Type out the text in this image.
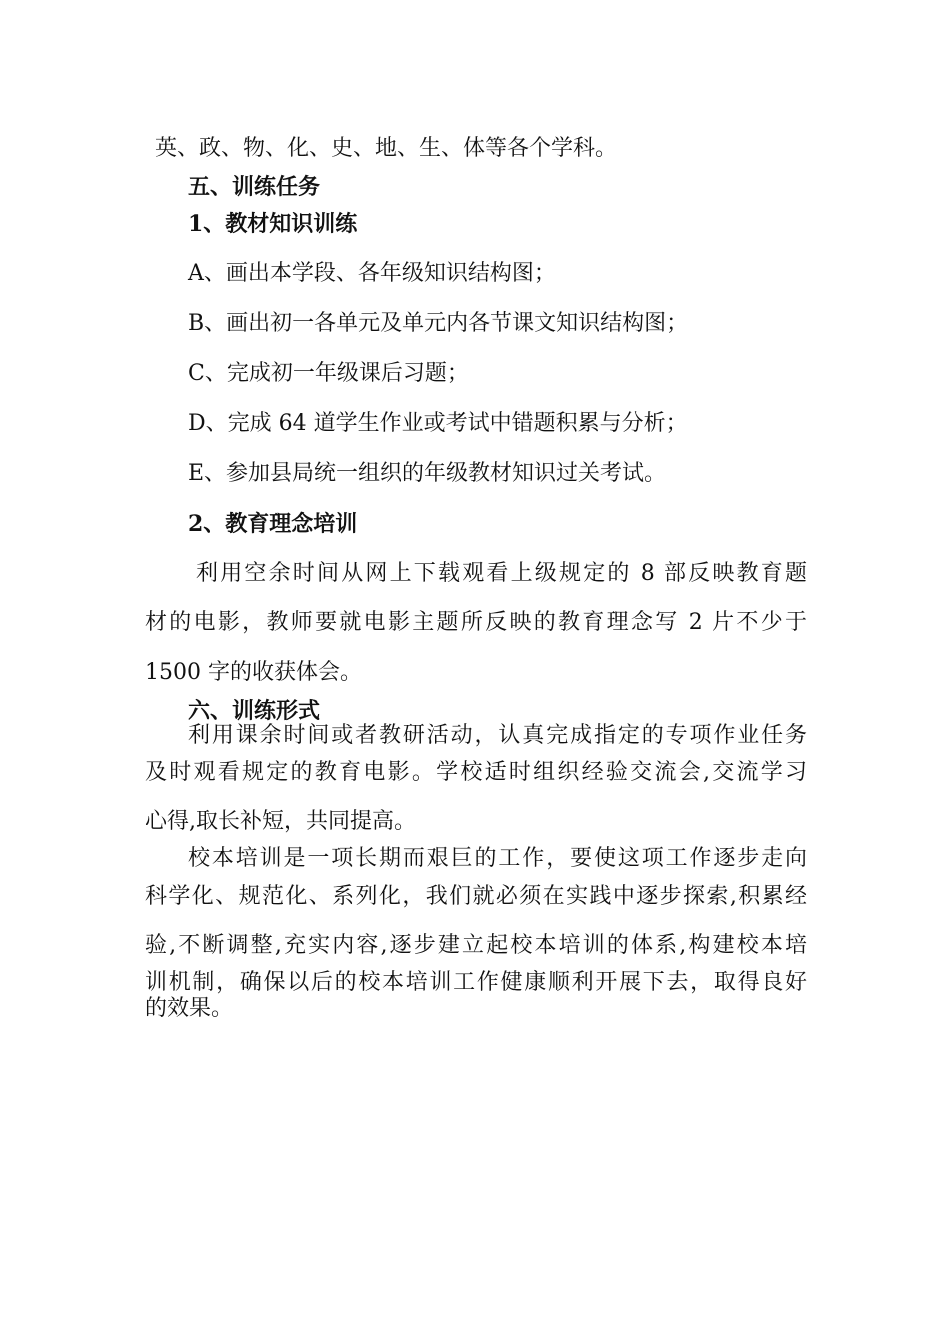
英、政、物、化、史、地、生、体等各个学科。
五、训练任务
1、教材知识训练
A、画出本学段、各年级知识结构图；
B、画出初一各单元及单元内各节课文知识结构图；
C、完成初一年级课后习题；
D、完成 64 道学生作业或考试中错题积累与分析；
E、参加县局统一组织的年级教材知识过关考试。
2、教育理念培训
利用空余时间从网上下载观看上级规定的 8 部反映教育题
材的电影，教师要就电影主题所反映的教育理念写 2 片不少于
1500 字的收获体会。
六、训练形式
利用课余时间或者教研活动，认真完成指定的专项作业任务
及时观看规定的教育电影。学校适时组织经验交流会,交流学习
心得,取长补短，共同提高。
校本培训是一项长期而艰巨的工作，要使这项工作逐步走向
科学化、规范化、系列化，我们就必须在实践中逐步探索,积累经
验,不断调整,充实内容,逐步建立起校本培训的体系,构建校本培
训机制，确保以后的校本培训工作健康顺利开展下去，取得良好
的效果。
